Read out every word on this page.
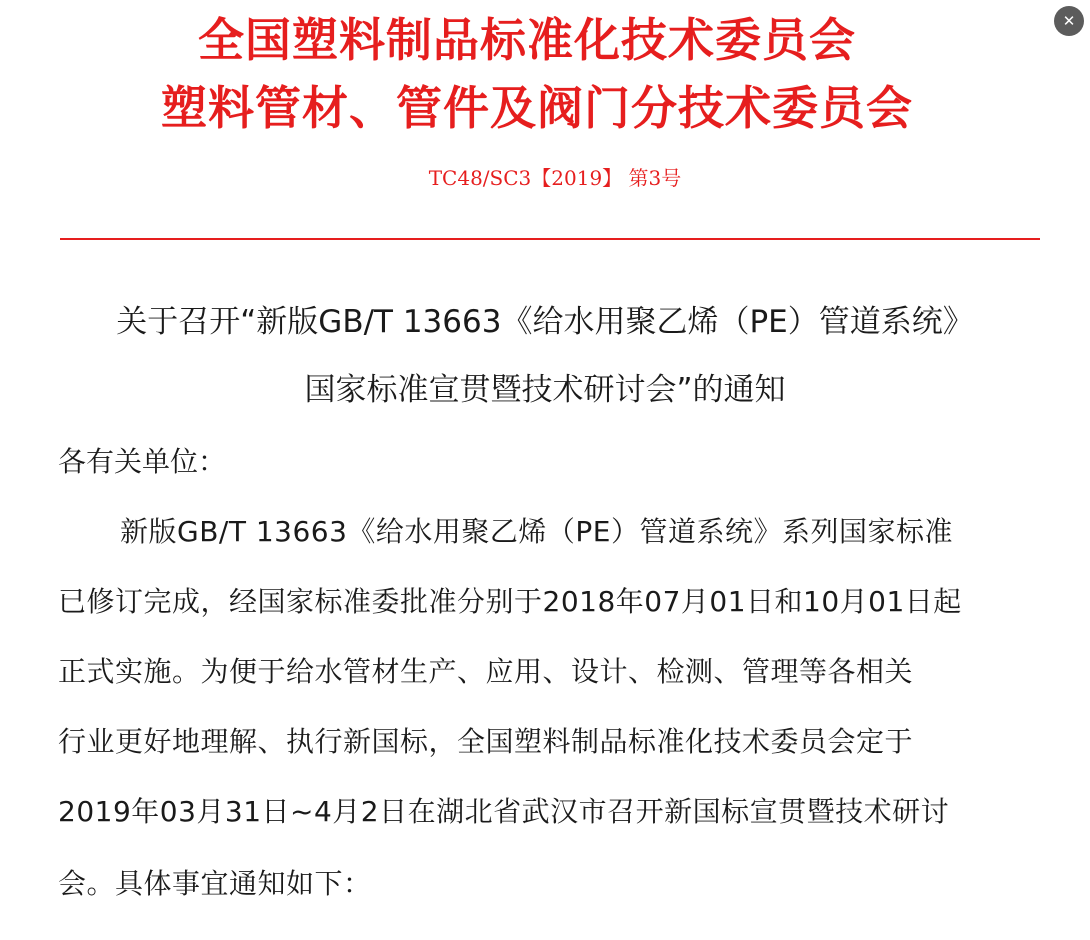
全国塑料制品标准化技术委员会
塑料管材、管件及阀门分技术委员会
TC48/SC3【2019】 第3号
关于召开“新版GB/T 13663《给水用聚乙烯（PE）管道系统》
国家标准宣贯暨技术研讨会”的通知
各有关单位：
新版GB/T 13663《给水用聚乙烯（PE）管道系统》系列国家标准
已修订完成，经国家标准委批准分别于2018年07月01日和10月01日起
正式实施。为便于给水管材生产、应用、设计、检测、管理等各相关
行业更好地理解、执行新国标，全国塑料制品标准化技术委员会定于
2019年03月31日~4月2日在湖北省武汉市召开新国标宣贯暨技术研讨
会。具体事宜通知如下：
✕
